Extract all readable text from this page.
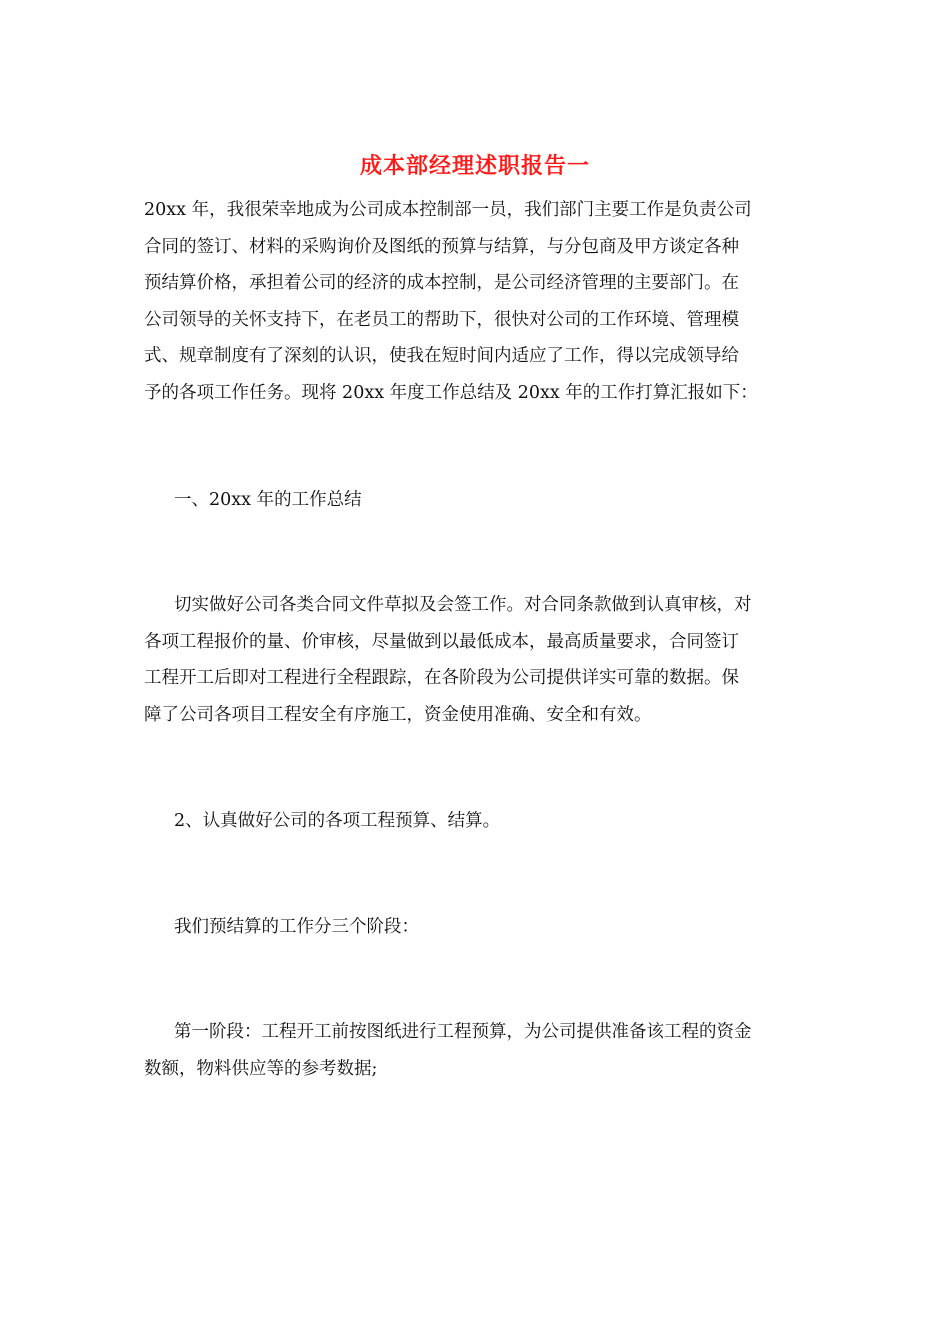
成本部经理述职报告一
20xx 年，我很荣幸地成为公司成本控制部一员，我们部门主要工作是负责公司
合同的签订、材料的采购询价及图纸的预算与结算，与分包商及甲方谈定各种
预结算价格，承担着公司的经济的成本控制，是公司经济管理的主要部门。在
公司领导的关怀支持下，在老员工的帮助下，很快对公司的工作环境、管理模
式、规章制度有了深刻的认识，使我在短时间内适应了工作，得以完成领导给
予的各项工作任务。现将 20xx 年度工作总结及 20xx 年的工作打算汇报如下：
一、20xx 年的工作总结
切实做好公司各类合同文件草拟及会签工作。对合同条款做到认真审核，对
各项工程报价的量、价审核，尽量做到以最低成本，最高质量要求，合同签订
工程开工后即对工程进行全程跟踪，在各阶段为公司提供详实可靠的数据。保
障了公司各项目工程安全有序施工，资金使用准确、安全和有效。
2、认真做好公司的各项工程预算、结算。
我们预结算的工作分三个阶段：
第一阶段：工程开工前按图纸进行工程预算，为公司提供准备该工程的资金
数额，物料供应等的参考数据;
